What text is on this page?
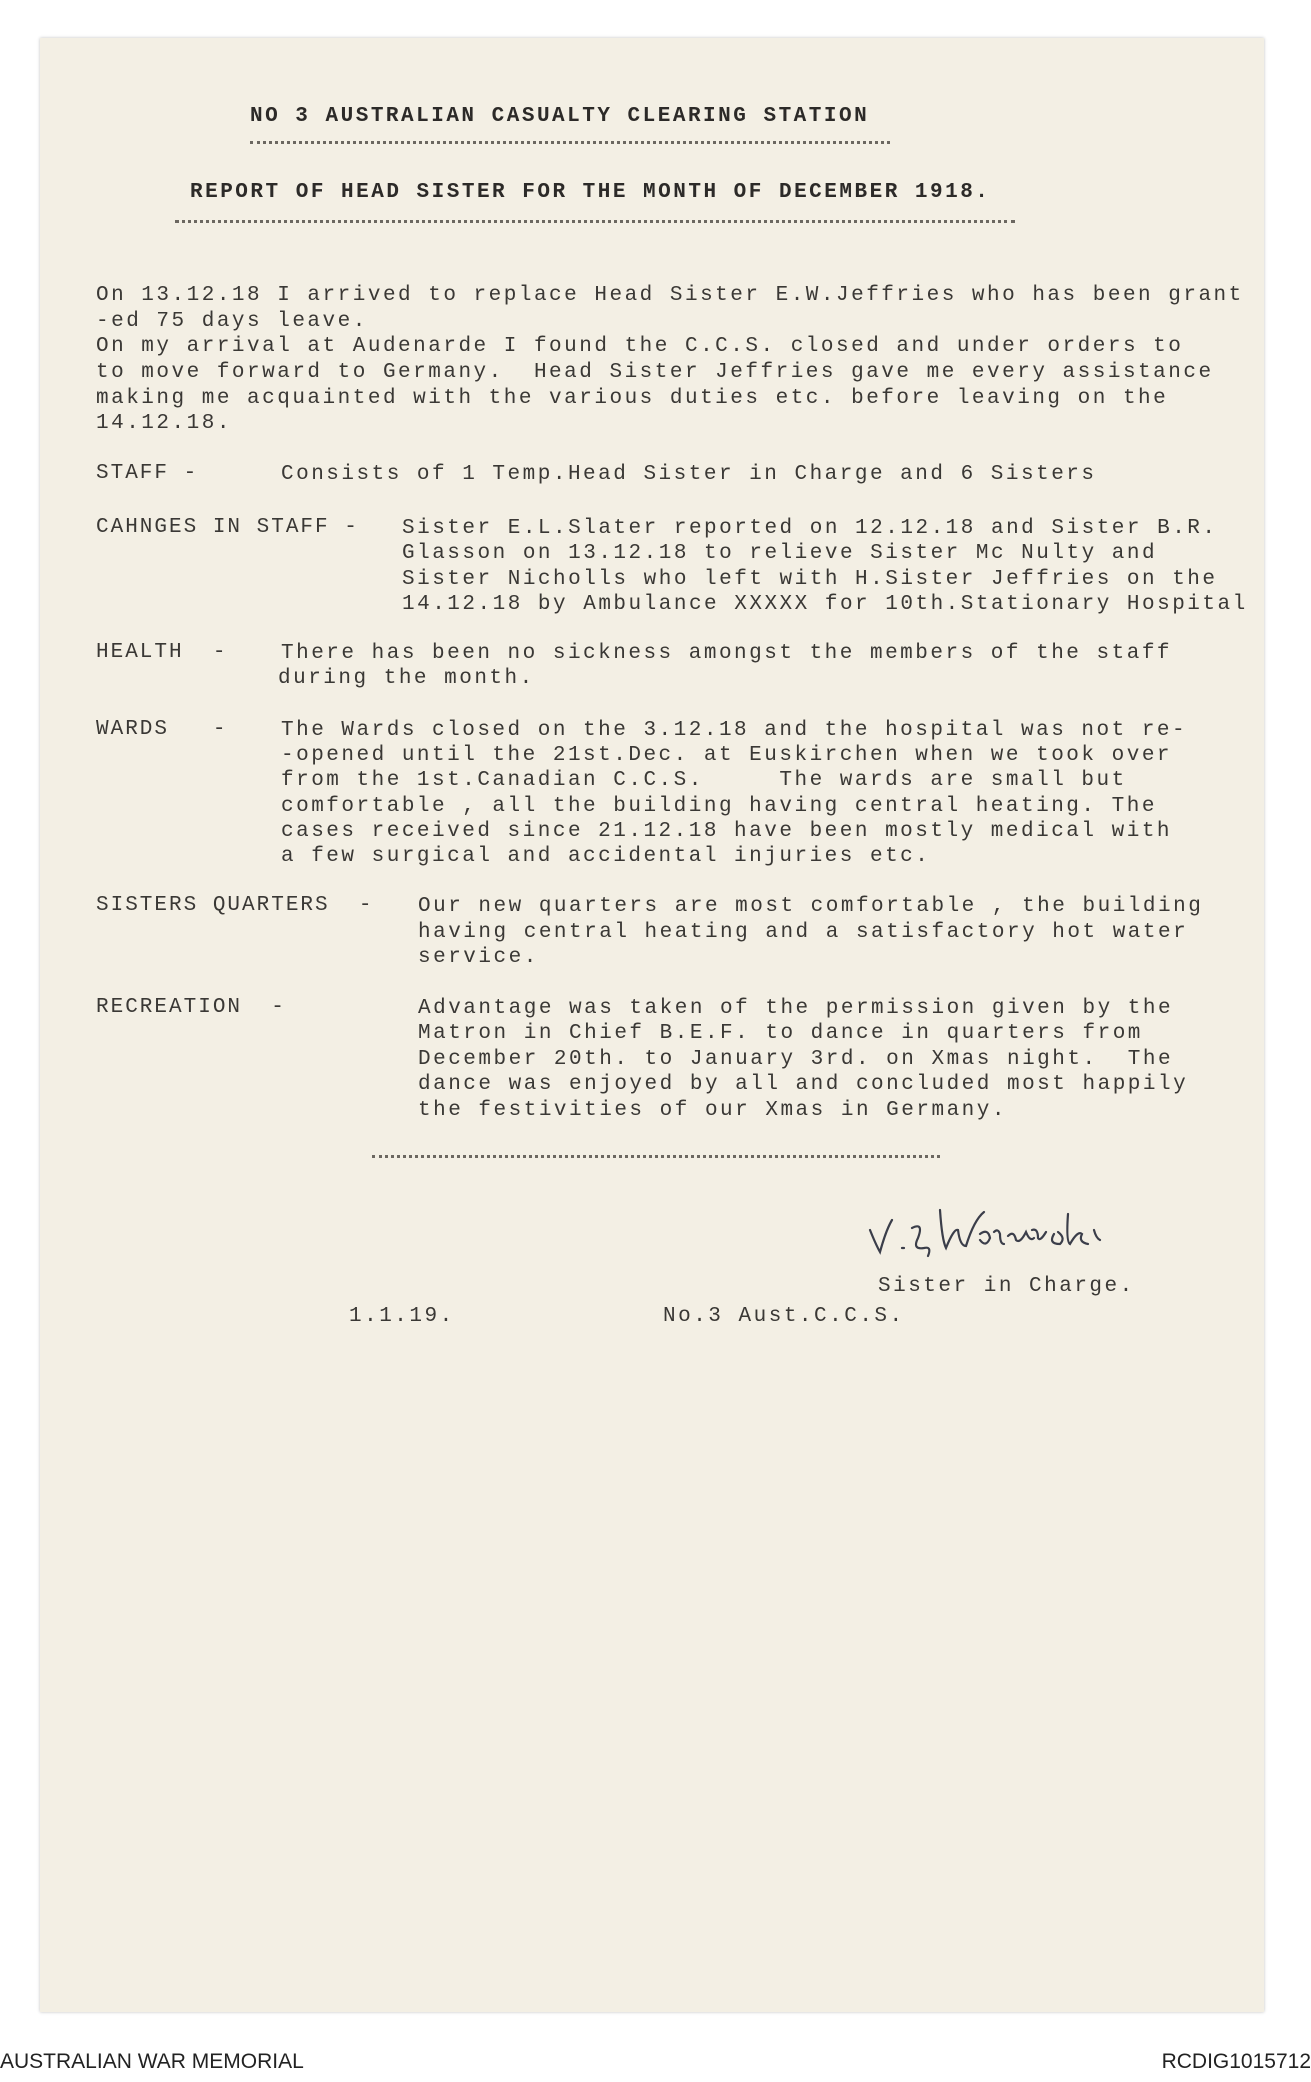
NO 3 AUSTRALIAN CASUALTY CLEARING STATION
REPORT OF HEAD SISTER FOR THE MONTH OF DECEMBER 1918.
On 13.12.18 I arrived to replace Head Sister E.W.Jeffries who has been grant
-ed 75 days leave.
On my arrival at Audenarde I found the C.C.S. closed and under orders to
to move forward to Germany.  Head Sister Jeffries gave me every assistance
making me acquainted with the various duties etc. before leaving on the
14.12.18.
STAFF -	Consists of 1 Temp.Head Sister in Charge and 6 Sisters
CAHNGES IN STAFF - Sister E.L.Slater reported on 12.12.18 and Sister B.R.
Glasson on 13.12.18 to relieve Sister Mc Nulty and
Sister Nicholls who left with H.Sister Jeffries on the
14.12.18 by Ambulance XXXXX for 10th.Stationary Hospital
HEALTH  -	There has been no sickness amongst the members of the staff
during the month.
WARDS   -	The Wards closed on the 3.12.18 and the hospital was not re-
-opened until the 21st.Dec. at Euskirchen when we took over
from the 1st.Canadian C.C.S.     The wards are small but
comfortable , all the building having central heating. The
cases received since 21.12.18 have been mostly medical with
a few surgical and accidental injuries etc.
SISTERS QUARTERS  - Our new quarters are most comfortable , the building
having central heating and a satisfactory hot water
service.
RECREATION  -	Advantage was taken of the permission given by the
Matron in Chief B.E.F. to dance in quarters from
December 20th. to January 3rd. on Xmas night.  The
dance was enjoyed by all and concluded most happily
the festivities of our Xmas in Germany.
Sister in Charge.
1.1.19.	No.3 Aust.C.C.S.
AUSTRALIAN WAR MEMORIAL	RCDIG1015712
